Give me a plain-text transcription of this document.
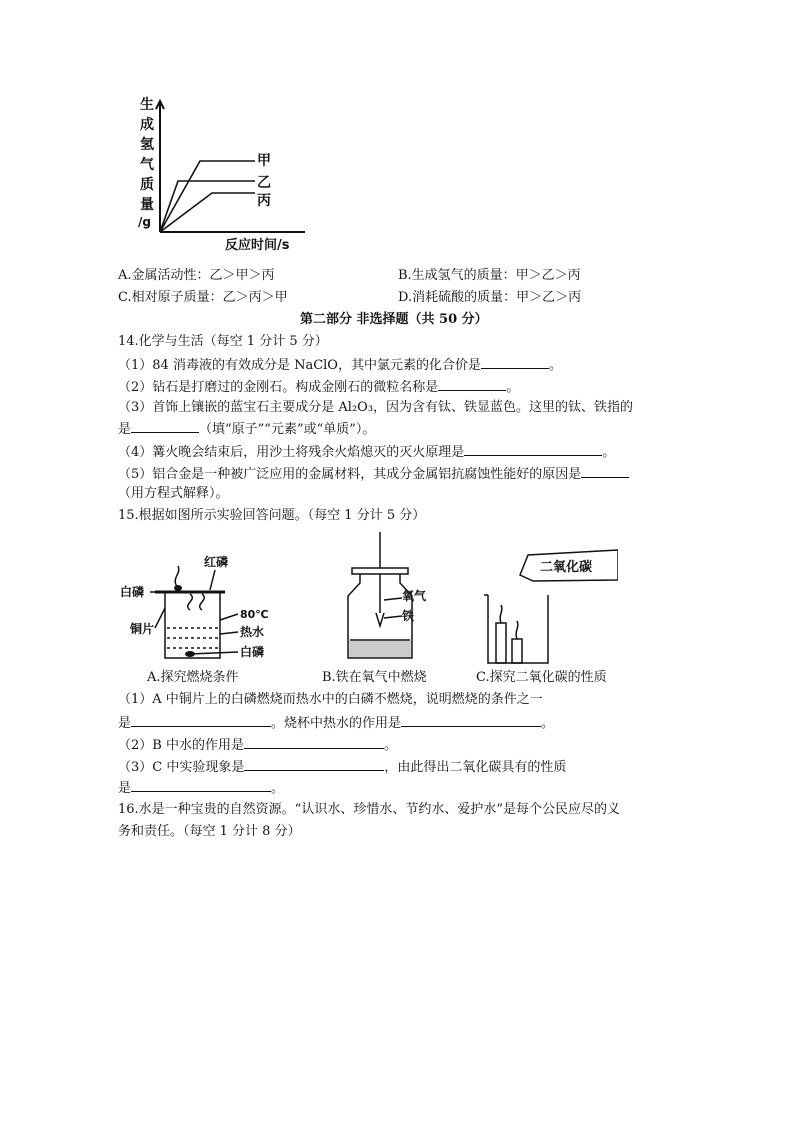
生
成
氢
气
质
量
/g
反应时间/s
甲
乙
丙
A.金属活动性：乙＞甲＞丙	B.生成氢气的质量：甲＞乙＞丙
C.相对原子质量：乙＞丙＞甲	D.消耗硫酸的质量：甲＞乙＞丙
第二部分 非选择题（共 50 分）
14.化学与生活（每空 1 分计 5 分）
（1）84 消毒液的有效成分是 NaClO，其中氯元素的化合价是	。
（2）钻石是打磨过的金刚石。构成金刚石的微粒名称是	。
（3）首饰上镶嵌的蓝宝石主要成分是 Al₂O₃，因为含有钛、铁显蓝色。这里的钛、铁指的
是	（填“原子”“元素”或“单质”）。
（4）篝火晚会结束后，用沙土将残余火焰熄灭的灭火原理是	。
（5）铝合金是一种被广泛应用的金属材料，其成分金属铝抗腐蚀性能好的原因是
（用方程式解释）。
15.根据如图所示实验回答问题。（每空 1 分计 5 分）
红磷
白磷
铜片
80℃
热水
白磷
氧气
铁
二氧化碳
A.探究燃烧条件	B.铁在氧气中燃烧	C.探究二氧化碳的性质
（1）A 中铜片上的白磷燃烧而热水中的白磷不燃烧，说明燃烧的条件之一
是	。烧杯中热水的作用是	。
（2）B 中水的作用是	。
（3）C 中实验现象是	，由此得出二氧化碳具有的性质
是	。
16.水是一种宝贵的自然资源。“认识水、珍惜水、节约水、爱护水”是每个公民应尽的义
务和责任。（每空 1 分计 8 分）
